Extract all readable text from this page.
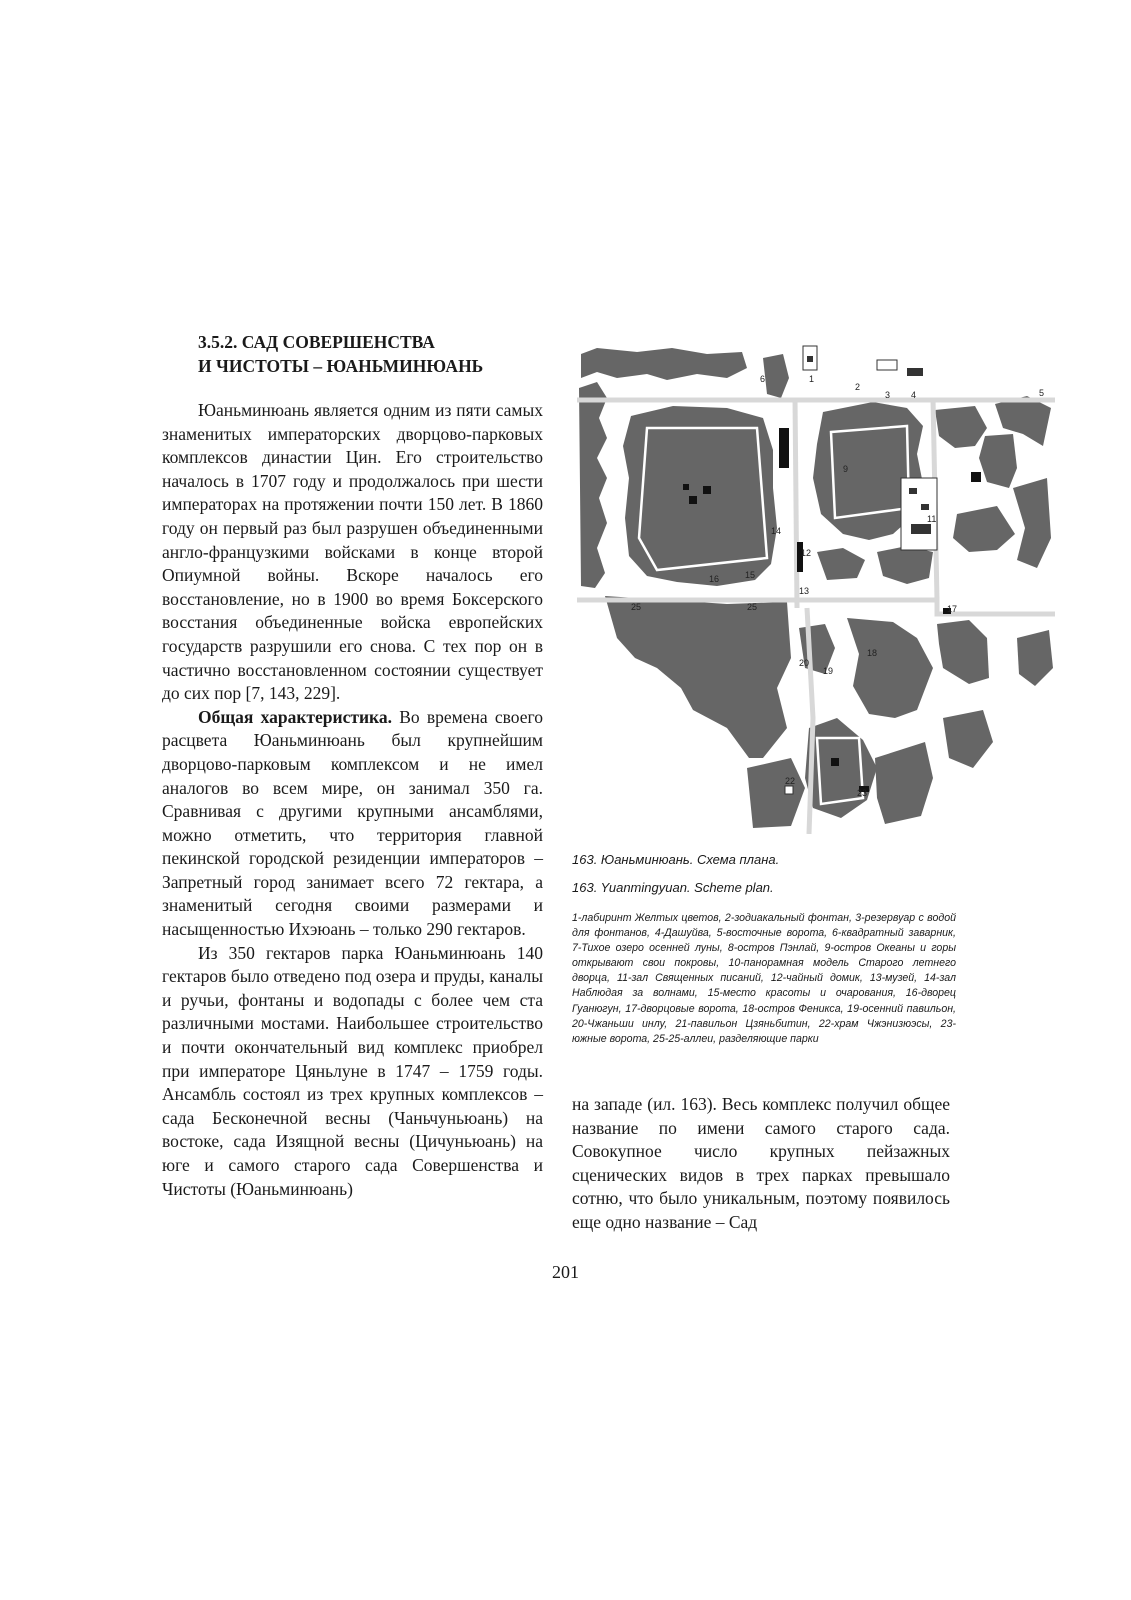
3.5.2. САД СОВЕРШЕНСТВА
И ЧИСТОТЫ – ЮАНЬМИНЮАНЬ

Юаньминюань является одним из пяти самых знаменитых императорских дворцово-парковых комплексов династии Цин. Его строительство началось в 1707 году и продолжалось при шести императорах на протяжении почти 150 лет. В 1860 году он первый раз был разрушен объединенными англо-французкими войсками в конце второй Опиумной войны. Вскоре началось его восстановление, но в 1900 во время Боксерского восстания объединенные войска европейских государств разрушили его снова. С тех пор он в частично восстановленном состоянии существует до сих пор [7, 143, 229].

Общая характеристика. Во времена своего расцвета Юаньминюань был крупнейшим дворцово-парковым комплексом и не имел аналогов во всем мире, он занимал 350 га. Сравнивая с другими крупными ансамблями, можно отметить, что территория главной пекинской городской резиденции императоров – Запретный город занимает всего 72 гектара, а знаменитый сегодня своими размерами и насыщенностью Ихэюань – только 290 гектаров.

Из 350 гектаров парка Юаньминюань 140 гектаров было отведено под озера и пруды, каналы и ручьи, фонтаны и водопады с более чем ста различными мостами. Наибольшее строительство и почти окончательный вид комплекс приобрел при императоре Цяньлуне в 1747 – 1759 годы. Ансамбль состоял из трех крупных комплексов – сада Бесконечной весны (Чаньчуньюань) на востоке, сада Изящной весны (Цичуньюань) на юге и самого старого сада Совершенства и Чистоты (Юаньминюань)

1
2
3 4	5
6
9
11
12
13
14
15
16
17
18
19
20
22
23
25	25
163. Юаньминюань. Схема плана.
163. Yuanmingyuan. Scheme plan.
1-лабиринт Желтых цветов, 2-зодиакальный фонтан, 3-резервуар с водой для фонтанов, 4-Дашуйва, 5-восточные ворота, 6-квадратный заварник, 7-Тихое озеро осенней луны, 8-остров Пэнлай, 9-остров Океаны и горы открывают свои покровы, 10-панорамная модель Старого летнего дворца, 11-зал Священных писаний, 12-чайный домик, 13-музей, 14-зал Наблюдая за волнами, 15-место красоты и очарования, 16-дворец Гуанюгун, 17-дворцовые ворота, 18-остров Феникса, 19-осенний павильон, 20-Чжаньши инлу, 21-павильон Цзяньбитин, 22-храм Чжэнизюэсы, 23-южные ворота, 25-25-аллеи, разделяющие парки

на западе (ил. 163). Весь комплекс получил общее название по имени самого старого сада. Совокупное число крупных пейзажных сценических видов в трех парках превышало сотню, что было уникальным, поэтому появилось еще одно название – Сад

201
